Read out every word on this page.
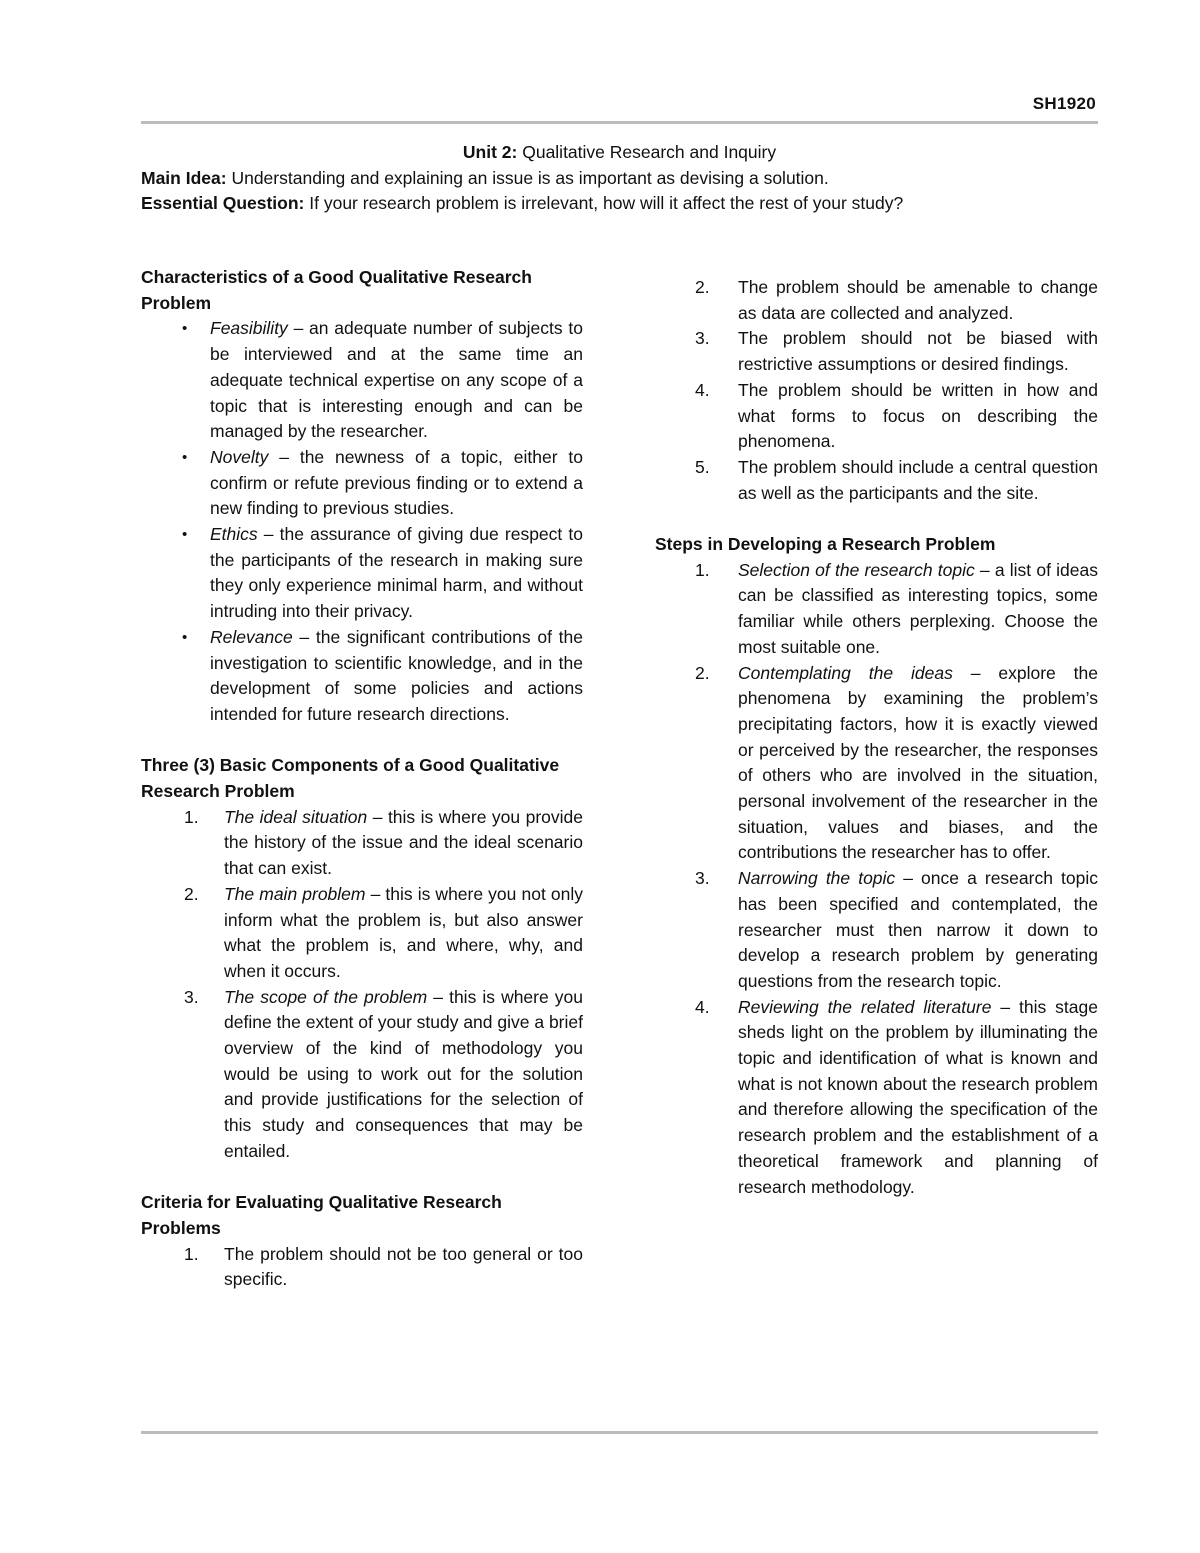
SH1920
Unit 2: Qualitative Research and Inquiry
Main Idea: Understanding and explaining an issue is as important as devising a solution.
Essential Question: If your research problem is irrelevant, how will it affect the rest of your study?

Characteristics of a Good Qualitative Research Problem

• Feasibility – an adequate number of subjects to be interviewed and at the same time an adequate technical expertise on any scope of a topic that is interesting enough and can be managed by the researcher.
• Novelty – the newness of a topic, either to confirm or refute previous finding or to extend a new finding to previous studies.
• Ethics – the assurance of giving due respect to the participants of the research in making sure they only experience minimal harm, and without intruding into their privacy.
• Relevance – the significant contributions of the investigation to scientific knowledge, and in the development of some policies and actions intended for future research directions.

Three (3) Basic Components of a Good Qualitative Research Problem

1. The ideal situation – this is where you provide the history of the issue and the ideal scenario that can exist.
2. The main problem – this is where you not only inform what the problem is, but also answer what the problem is, and where, why, and when it occurs.
3. The scope of the problem – this is where you define the extent of your study and give a brief overview of the kind of methodology you would be using to work out for the solution and provide justifications for the selection of this study and consequences that may be entailed.

Criteria for Evaluating Qualitative Research Problems

1. The problem should not be too general or too specific.
2. The problem should be amenable to change as data are collected and analyzed.
3. The problem should not be biased with restrictive assumptions or desired findings.
4. The problem should be written in how and what forms to focus on describing the phenomena.
5. The problem should include a central question as well as the participants and the site.

Steps in Developing a Research Problem

1. Selection of the research topic – a list of ideas can be classified as interesting topics, some familiar while others perplexing. Choose the most suitable one.
2. Contemplating the ideas – explore the phenomena by examining the problem’s precipitating factors, how it is exactly viewed or perceived by the researcher, the responses of others who are involved in the situation, personal involvement of the researcher in the situation, values and biases, and the contributions the researcher has to offer.
3. Narrowing the topic – once a research topic has been specified and contemplated, the researcher must then narrow it down to develop a research problem by generating questions from the research topic.
4. Reviewing the related literature – this stage sheds light on the problem by illuminating the topic and identification of what is known and what is not known about the research problem and therefore allowing the specification of the research problem and the establishment of a theoretical framework and planning of research methodology.
